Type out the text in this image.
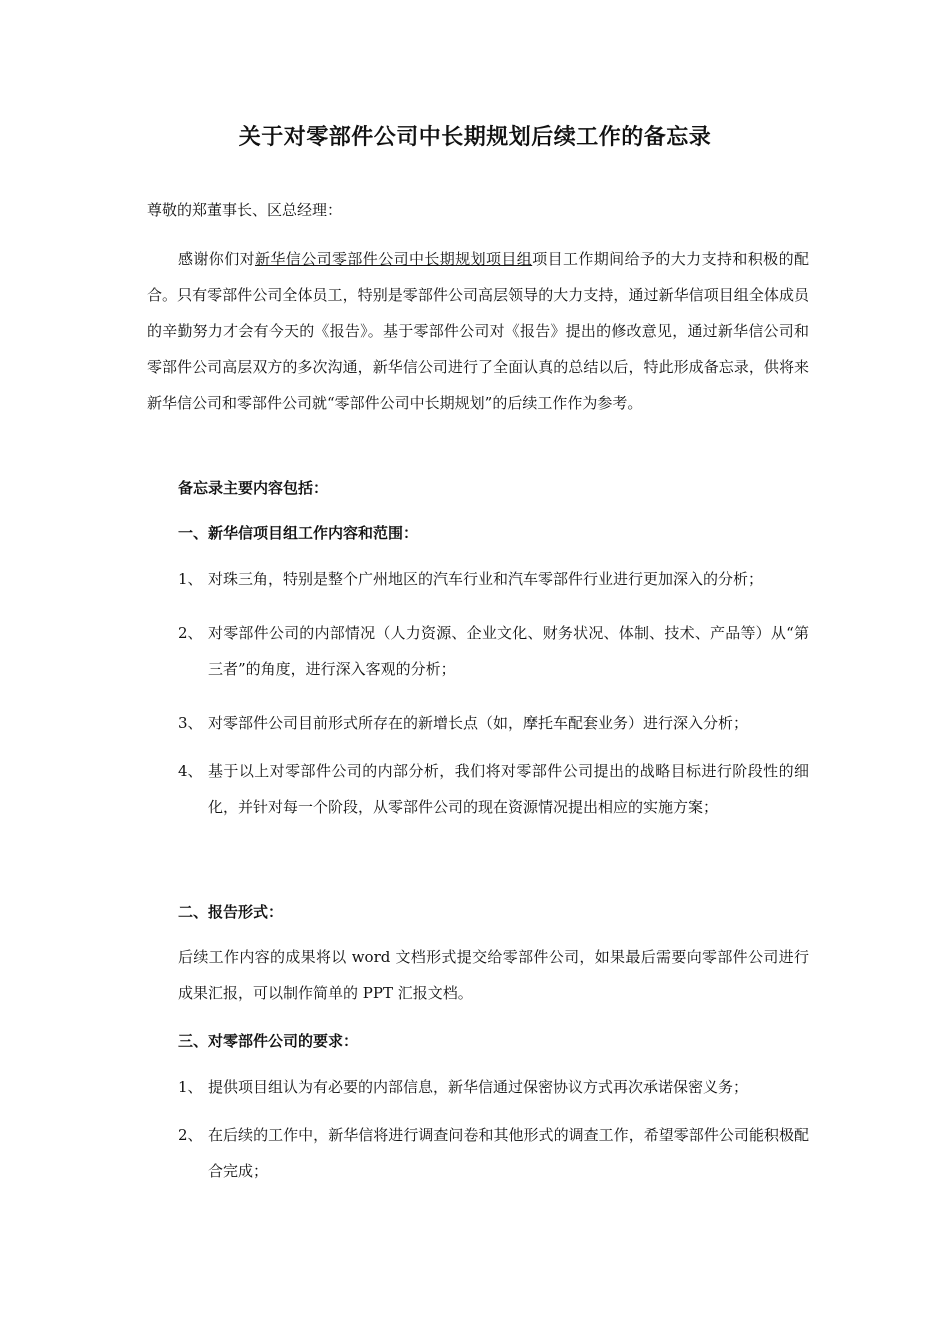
关于对零部件公司中长期规划后续工作的备忘录

尊敬的郑董事长、区总经理：

感谢你们对新华信公司零部件公司中长期规划项目组项目工作期间给予的大力支持和积极的配合。只有零部件公司全体员工，特别是零部件公司高层领导的大力支持，通过新华信项目组全体成员的辛勤努力才会有今天的《报告》。基于零部件公司对《报告》提出的修改意见，通过新华信公司和零部件公司高层双方的多次沟通，新华信公司进行了全面认真的总结以后，特此形成备忘录，供将来新华信公司和零部件公司就“零部件公司中长期规划”的后续工作作为参考。

备忘录主要内容包括：

一、新华信项目组工作内容和范围：

1、 对珠三角，特别是整个广州地区的汽车行业和汽车零部件行业进行更加深入的分析；
2、 对零部件公司的内部情况（人力资源、企业文化、财务状况、体制、技术、产品等）从“第三者”的角度，进行深入客观的分析；
3、 对零部件公司目前形式所存在的新增长点（如，摩托车配套业务）进行深入分析；
4、 基于以上对零部件公司的内部分析，我们将对零部件公司提出的战略目标进行阶段性的细化，并针对每一个阶段，从零部件公司的现在资源情况提出相应的实施方案；

二、报告形式：

后续工作内容的成果将以 word 文档形式提交给零部件公司，如果最后需要向零部件公司进行成果汇报，可以制作简单的 PPT 汇报文档。

三、对零部件公司的要求：

1、 提供项目组认为有必要的内部信息，新华信通过保密协议方式再次承诺保密义务；
2、 在后续的工作中，新华信将进行调查问卷和其他形式的调查工作，希望零部件公司能积极配合完成；
